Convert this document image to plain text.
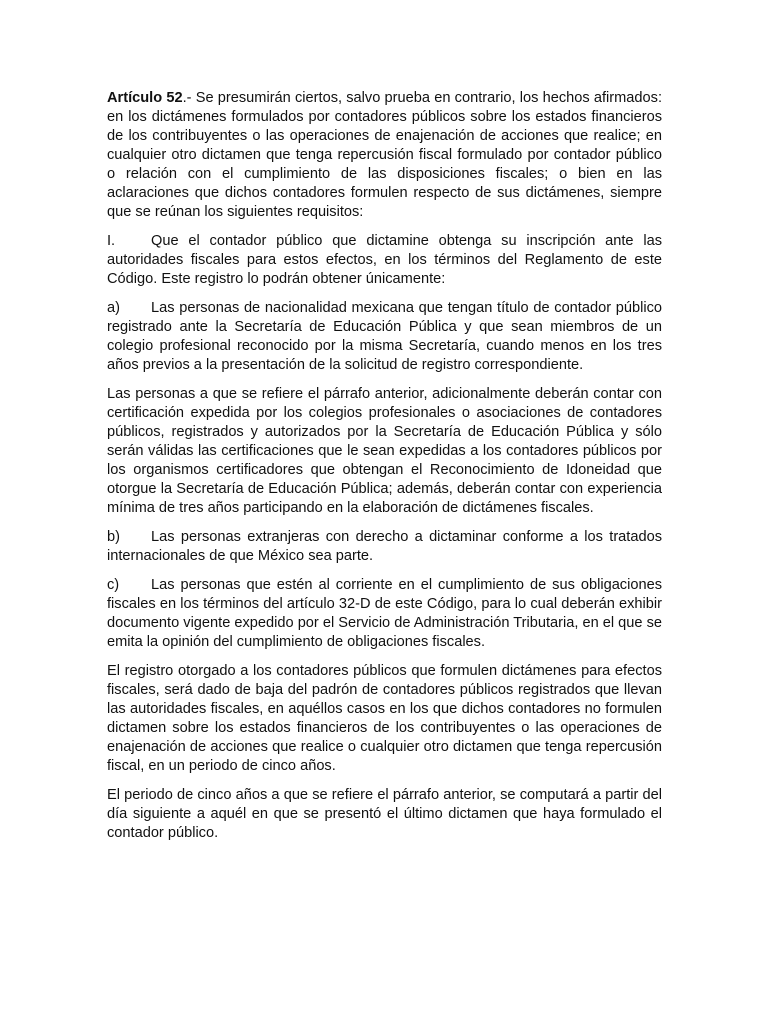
Artículo 52.- Se presumirán ciertos, salvo prueba en contrario, los hechos afirmados: en los dictámenes formulados por contadores públicos sobre los estados financieros de los contribuyentes o las operaciones de enajenación de acciones que realice; en cualquier otro dictamen que tenga repercusión fiscal formulado por contador público o relación con el cumplimiento de las disposiciones fiscales; o bien en las aclaraciones que dichos contadores formulen respecto de sus dictámenes, siempre que se reúnan los siguientes requisitos:

I. Que el contador público que dictamine obtenga su inscripción ante las autoridades fiscales para estos efectos, en los términos del Reglamento de este Código. Este registro lo podrán obtener únicamente:

a) Las personas de nacionalidad mexicana que tengan título de contador público registrado ante la Secretaría de Educación Pública y que sean miembros de un colegio profesional reconocido por la misma Secretaría, cuando menos en los tres años previos a la presentación de la solicitud de registro correspondiente.

Las personas a que se refiere el párrafo anterior, adicionalmente deberán contar con certificación expedida por los colegios profesionales o asociaciones de contadores públicos, registrados y autorizados por la Secretaría de Educación Pública y sólo serán válidas las certificaciones que le sean expedidas a los contadores públicos por los organismos certificadores que obtengan el Reconocimiento de Idoneidad que otorgue la Secretaría de Educación Pública; además, deberán contar con experiencia mínima de tres años participando en la elaboración de dictámenes fiscales.

b) Las personas extranjeras con derecho a dictaminar conforme a los tratados internacionales de que México sea parte.

c) Las personas que estén al corriente en el cumplimiento de sus obligaciones fiscales en los términos del artículo 32-D de este Código, para lo cual deberán exhibir documento vigente expedido por el Servicio de Administración Tributaria, en el que se emita la opinión del cumplimiento de obligaciones fiscales.

El registro otorgado a los contadores públicos que formulen dictámenes para efectos fiscales, será dado de baja del padrón de contadores públicos registrados que llevan las autoridades fiscales, en aquéllos casos en los que dichos contadores no formulen dictamen sobre los estados financieros de los contribuyentes o las operaciones de enajenación de acciones que realice o cualquier otro dictamen que tenga repercusión fiscal, en un periodo de cinco años.

El periodo de cinco años a que se refiere el párrafo anterior, se computará a partir del día siguiente a aquél en que se presentó el último dictamen que haya formulado el contador público.
